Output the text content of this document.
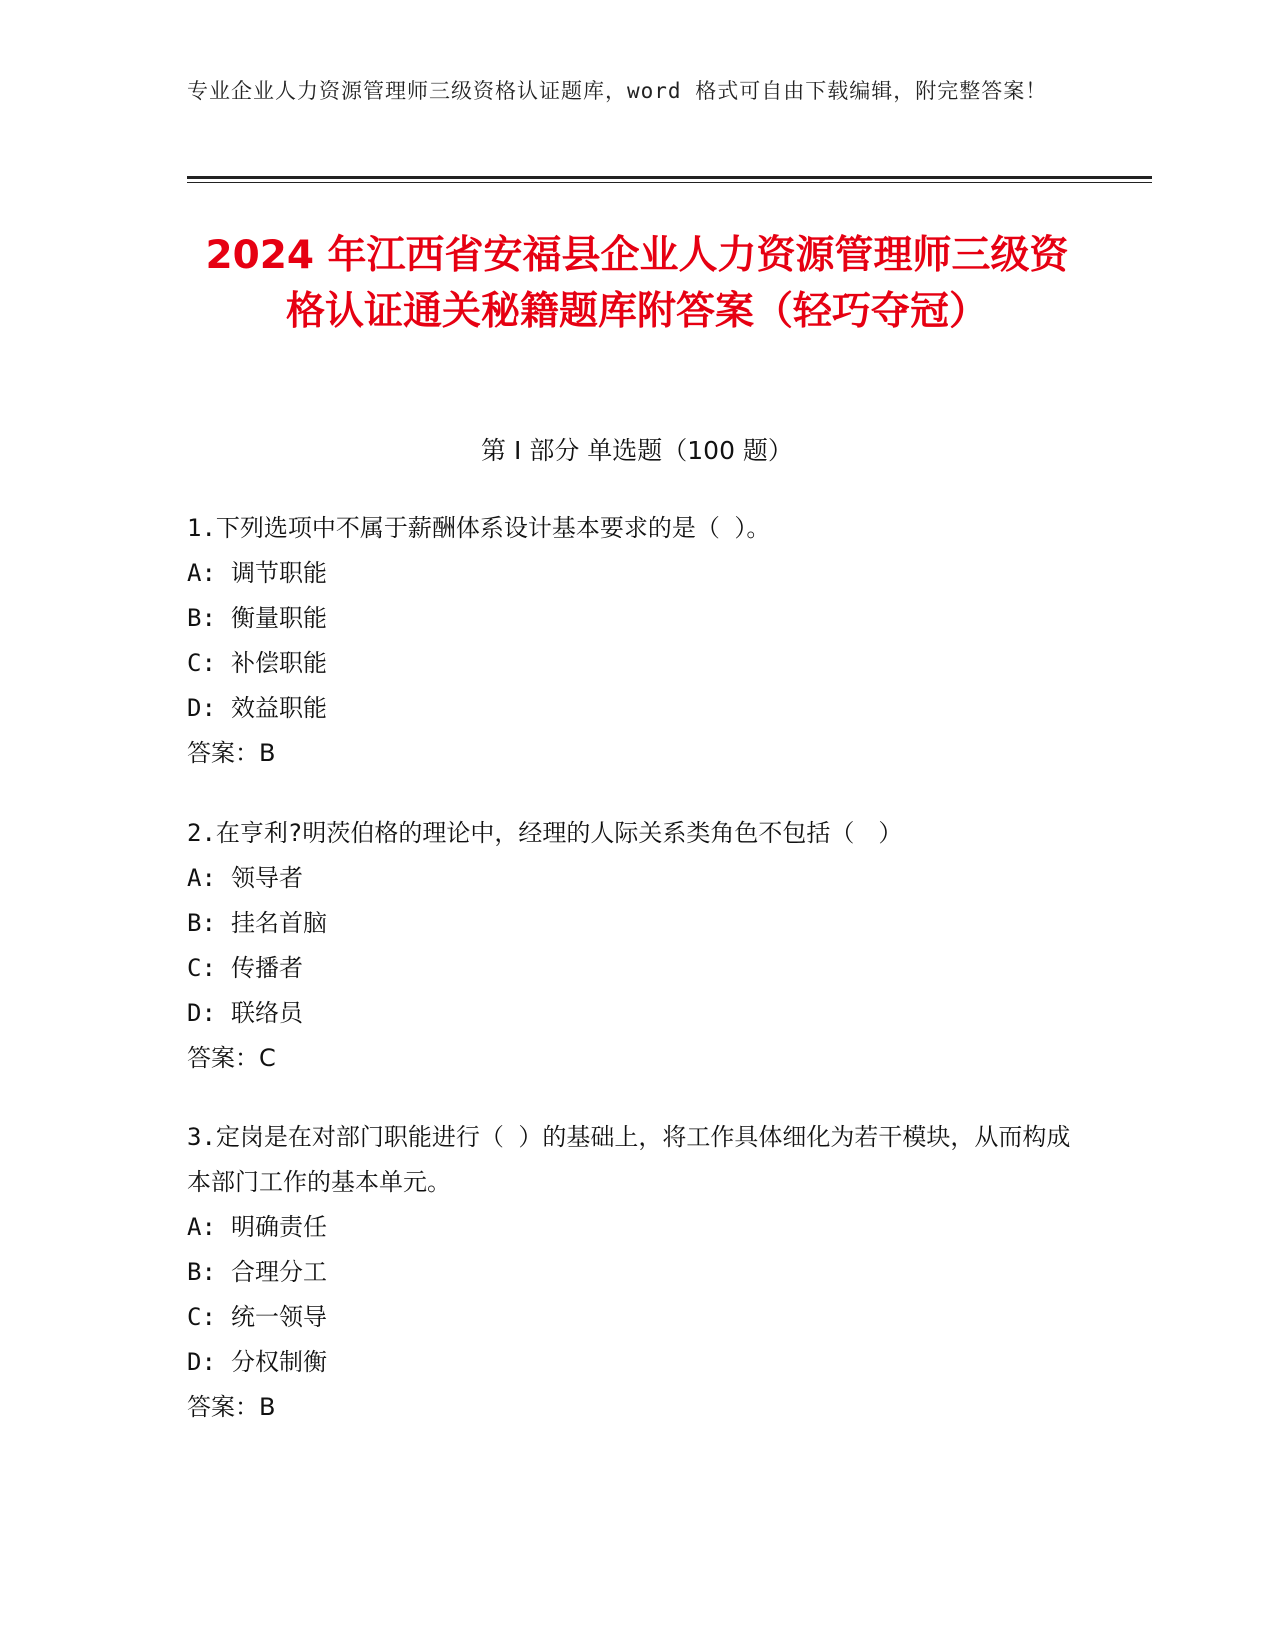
专业企业人力资源管理师三级资格认证题库，word 格式可自由下载编辑，附完整答案！
2024 年江西省安福县企业人力资源管理师三级资格认证通关秘籍题库附答案（轻巧夺冠）
第 I 部分 单选题（100 题）
1.下列选项中不属于薪酬体系设计基本要求的是（ ）。
A: 调节职能
B: 衡量职能
C: 补偿职能
D: 效益职能
答案：B
2.在亨利?明茨伯格的理论中，经理的人际关系类角色不包括（　）
A: 领导者
B: 挂名首脑
C: 传播者
D: 联络员
答案：C
3.定岗是在对部门职能进行（ ）的基础上，将工作具体细化为若干模块，从而构成本部门工作的基本单元。
A: 明确责任
B: 合理分工
C: 统一领导
D: 分权制衡
答案：B
